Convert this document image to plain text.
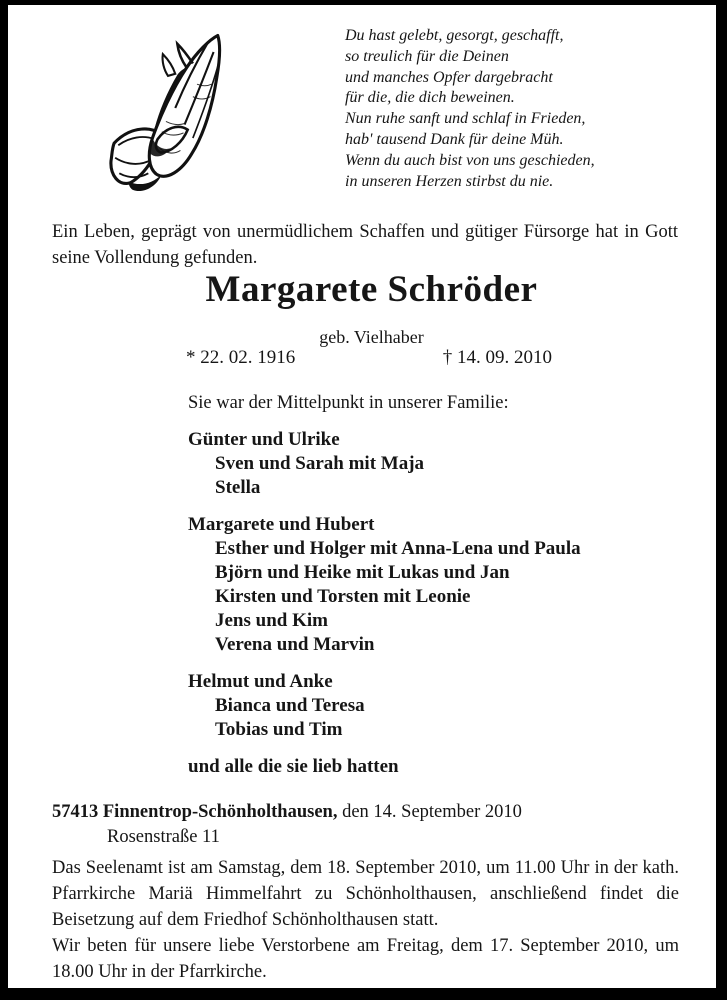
Du hast gelebt, gesorgt, geschafft,
so treulich für die Deinen
und manches Opfer dargebracht
für die, die dich beweinen.
Nun ruhe sanft und schlaf in Frieden,
hab' tausend Dank für deine Müh.
Wenn du auch bist von uns geschieden,
in unseren Herzen stirbst du nie.
Ein Leben, geprägt von unermüdlichem Schaffen und gütiger Fürsorge hat in Gott seine Vollendung gefunden.
Margarete Schröder
geb. Vielhaber
* 22. 02. 1916	† 14. 09. 2010

Sie war der Mittelpunkt in unserer Familie:

Günter und Ulrike

Sven und Sarah mit Maja

Stella

Margarete und Hubert

Esther und Holger mit Anna-Lena und Paula

Björn und Heike mit Lukas und Jan

Kirsten und Torsten mit Leonie

Jens und Kim

Verena und Marvin

Helmut und Anke

Bianca und Teresa

Tobias und Tim

und alle die sie lieb hatten

57413 Finnentrop-Schönholthausen, den 14. September 2010
Rosenstraße 11
Das Seelenamt ist am Samstag, dem 18. September 2010, um 11.00 Uhr in der kath. Pfarrkirche Mariä Himmelfahrt zu Schönholthausen, anschließend findet die Beisetzung auf dem Friedhof Schönholthausen statt.
Wir beten für unsere liebe Verstorbene am Freitag, dem 17. September 2010, um 18.00 Uhr in der Pfarrkirche.
